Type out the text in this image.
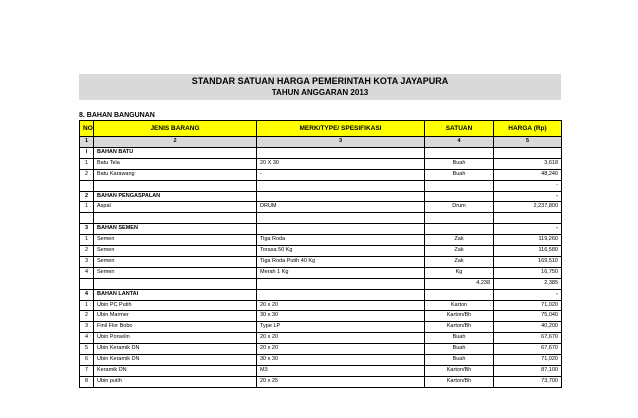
STANDAR SATUAN HARGA PEMERINTAH KOTA JAYAPURA
TAHUN ANGGARAN 2013
8. BAHAN BANGUNAN
NO	JENIS BARANG	MERK/TYPE/ SPESIFIKASI	SATUAN	HARGA (Rp)
1	2	3	4	5
I	BAHAN BATU			
1	Batu Tela	20 X 30	Buah	3,618
2	Batu Karawang	-	Buah	48,240
				-
2	BAHAN PENGASPALAN			-
1	Aspal	DRUM	Drum	2,237,800

3	BAHAN SEMEN			-
1	Semen	Tiga Roda	Zak	119,260
2	Semen	Torasa 50 Kg	Zak	116,580
3	Semen	Tiga Roda Putih 40 Kg	Zak	169,510
4	Semen	Merah 1 Kg	Kg	16,750
			4,238	2,385
4	BAHAN LANTAI			-
1	Ubin PC Putih	20 x 20	Karton	71,020
2	Ubin Marmer	30 x 30	Karton/Bh	75,040
3	Finil Flor Bobo	Type LP	Karton/Bh	40,200
4	Ubin Porselin	20 x 20	Buah	67,670
5	Ubin Keramik DN	20 x 20	Buah	67,670
6	Ubin Keramik DN	30 x 30	Buah	71,020
7	Keramik DN	M3	Karton/Bh	87,100
8	Ubin putih	20 x 25	Karton/Bh	73,700
